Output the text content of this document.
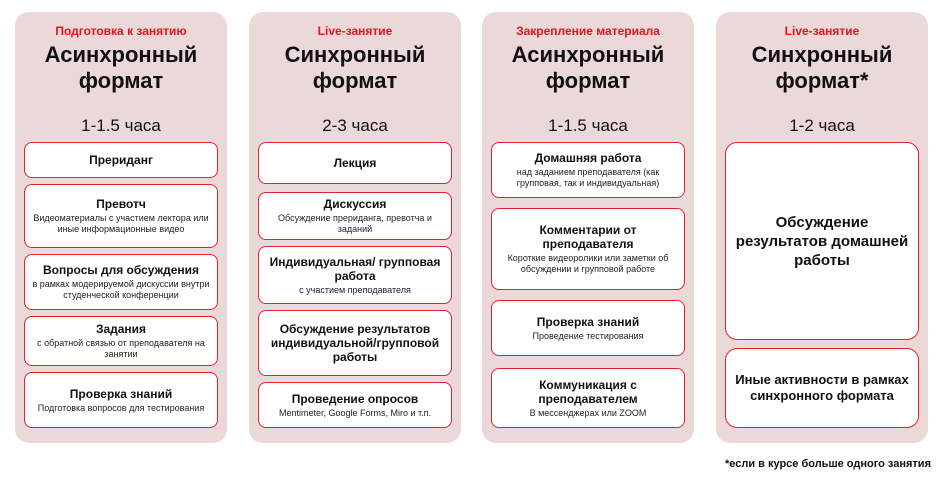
Подготовка к занятию
Асинхронный
формат
1-1.5 часа
Прериданг
Превотч
Видеоматериалы с участием лектора или иные информационные видео
Вопросы для обсуждения
в рамках модерируемой дискуссии внутри студенческой конференции
Задания
с обратной связью от преподавателя на занятии
Проверка знаний
Подготовка вопросов для тестирования
Live-занятие
Синхронный
формат
2-3 часа
Лекция
Дискуссия
Обсуждение прериданга, превотча и заданий
Индивидуальная/ групповая работа
с участием преподавателя
Обсуждение результатов индивидуальной/групповой работы
Проведение опросов
Mentimeter, Google Forms, Miro и т.п.
Закрепление материала
Асинхронный
формат
1-1.5 часа
Домашняя работа
над заданием преподавателя (как групповая, так и индивидуальная)
Комментарии от преподавателя
Короткие видеоролики или заметки об обсуждении и групповой работе
Проверка знаний
Проведение тестирования
Коммуникация с преподавателем
В мессенджерах или ZOOM
Live-занятие
Синхронный
формат*
1-2 часа
Обсуждение результатов домашней работы
Иные активности в рамках синхронного формата
*если в курсе больше одного занятия
